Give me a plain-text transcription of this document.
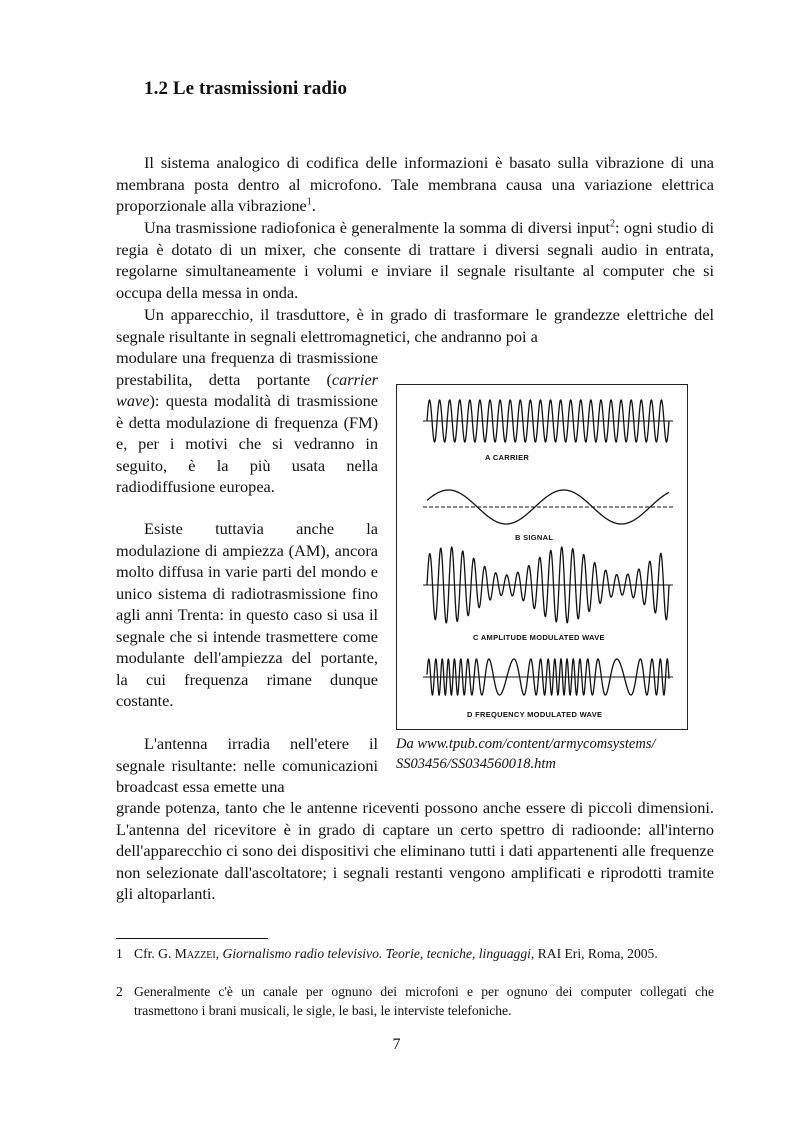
1.2 Le trasmissioni radio

Il sistema analogico di codifica delle informazioni è basato sulla vibrazione di una membrana posta dentro al microfono. Tale membrana causa una variazione elettrica proporzionale alla vibrazione$^1$.

Una trasmissione radiofonica è generalmente la somma di diversi input$^2$: ogni studio di regia è dotato di un mixer, che consente di trattare i diversi segnali audio in entrata, regolarne simultaneamente i volumi e inviare il segnale risultante al computer che si occupa della messa in onda.

Un apparecchio, il trasduttore, è in grado di trasformare le grandezze elettriche del segnale risultante in segnali elettromagnetici, che andranno poi a

modulare una frequenza di trasmissione prestabilita, detta portante (carrier wave): questa modalità di trasmissione è detta modulazione di frequenza (FM) e, per i motivi che si vedranno in seguito, è la più usata nella radiodiffusione europea.

Esiste tuttavia anche la modulazione di ampiezza (AM), ancora molto diffusa in varie parti del mondo e unico sistema di radiotrasmissione fino agli anni Trenta: in questo caso si usa il segnale che si intende trasmettere come modulante dell'ampiezza del portante, la cui frequenza rimane dunque costante.

L'antenna irradia nell'etere il segnale risultante: nelle comunicazioni broadcast essa emette una

grande potenza, tanto che le antenne riceventi possono anche essere di piccoli dimensioni. L'antenna del ricevitore è in grado di captare un certo spettro di radioonde: all'interno dell'apparecchio ci sono dei dispositivi che eliminano tutti i dati appartenenti alle frequenze non selezionate dall'ascoltatore; i segnali restanti vengono amplificati e riprodotti tramite gli altoparlanti.

A CARRIER
B SIGNAL
C AMPLITUDE MODULATED WAVE
D FREQUENCY MODULATED WAVE
Da www.tpub.com/content/armycomsystems/ SS03456/SS034560018.htm
1 Cfr. G. Mazzei, Giornalismo radio televisivo. Teorie, tecniche, linguaggi, RAI Eri, Roma, 2005.
2 Generalmente c'è un canale per ognuno dei microfoni e per ognuno dei computer collegati che trasmettono i brani musicali, le sigle, le basi, le interviste telefoniche.
7
